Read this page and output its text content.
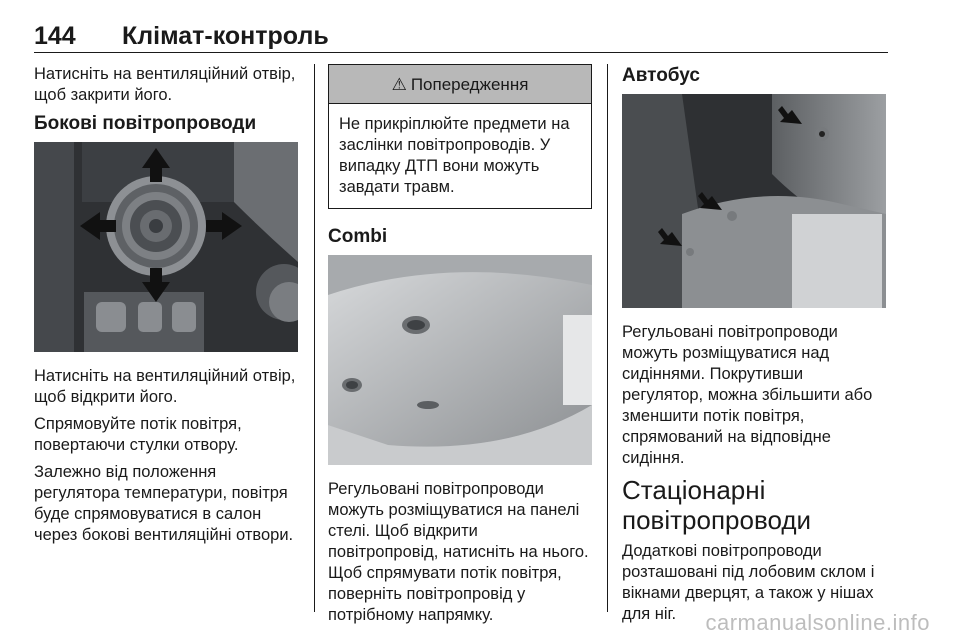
144 Клімат-контроль

Натисніть на вентиляційний отвір, щоб закрити його.

Бокові повітропроводи

Натисніть на вентиляційний отвір, щоб відкрити його.

Спрямовуйте потік повітря, повертаючи стулки отвору.

Залежно від положення регулятора температури, повітря буде спрямовуватися в салон через бокові вентиляційні отвори.

⚠ Попередження
Не прикріплюйте предмети на заслінки повітропроводів. У випадку ДТП вони можуть завдати травм.
Combi

Регульовані повітропроводи можуть розміщуватися на панелі стелі. Щоб відкрити повітропровід, натисніть на нього. Щоб спрямувати потік повітря, поверніть повітропровід у потрібному напрямку.

Автобус

Регульовані повітропроводи можуть розміщуватися над сидіннями. Покрутивши регулятор, можна збільшити або зменшити потік повітря, спрямований на відповідне сидіння.

Стаціонарні повітропроводи

Додаткові повітропроводи розташовані під лобовим склом і вікнами дверцят, а також у нішах для ніг.	carmanualsonline.info
